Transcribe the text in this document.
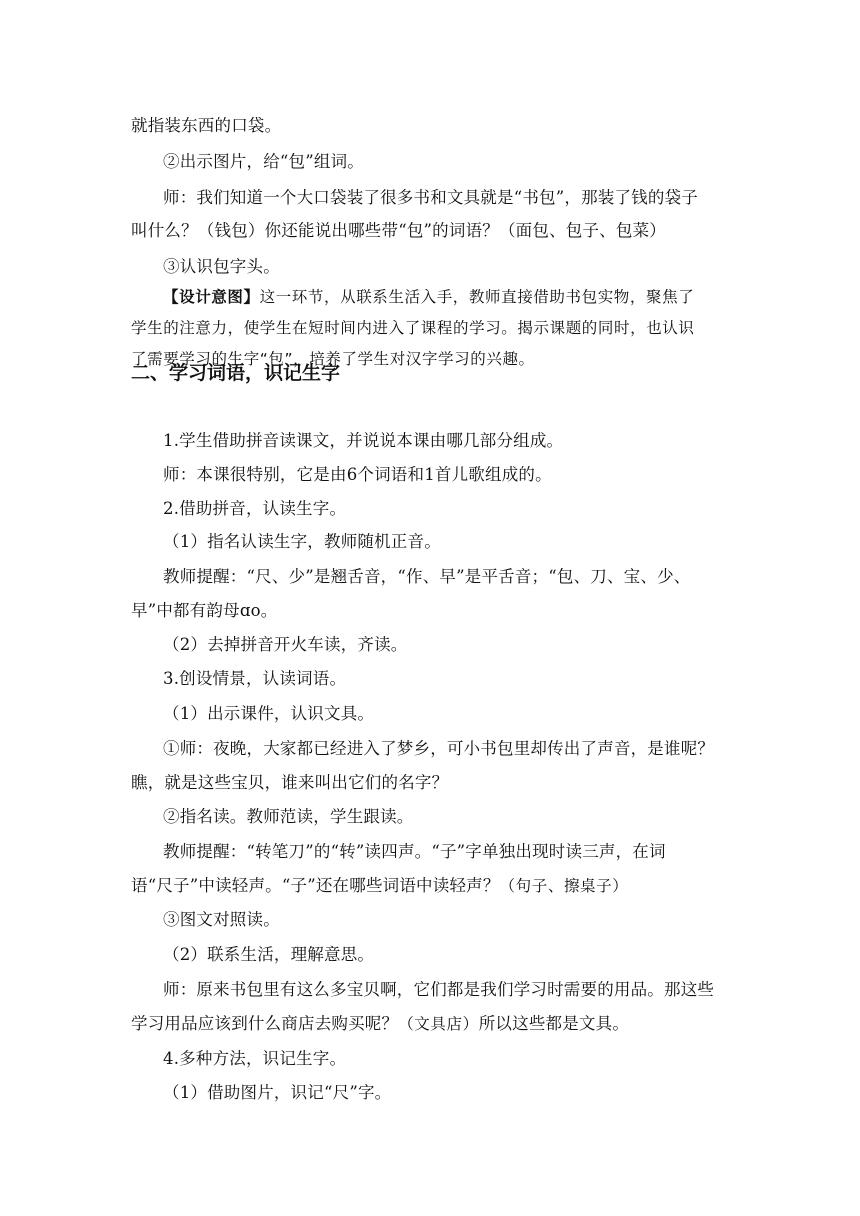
就指装东西的口袋。
②出示图片，给“包”组词。
师：我们知道一个大口袋装了很多书和文具就是“书包”，那装了钱的袋子
叫什么？（钱包）你还能说出哪些带“包”的词语？（面包、包子、包菜）
③认识包字头。
【设计意图】这一环节，从联系生活入手，教师直接借助书包实物，聚焦了
学生的注意力，使学生在短时间内进入了课程的学习。揭示课题的同时，也认识
了需要学习的生字“包”，培养了学生对汉字学习的兴趣。
二、学习词语，识记生字
1.学生借助拼音读课文，并说说本课由哪几部分组成。
师：本课很特别，它是由6个词语和1首儿歌组成的。
2.借助拼音，认读生字。
（1）指名认读生字，教师随机正音。
教师提醒：“尺、少”是翘舌音，“作、早”是平舌音；“包、刀、宝、少、
早”中都有韵母ɑo。
（2）去掉拼音开火车读，齐读。
3.创设情景，认读词语。
（1）出示课件，认识文具。
①师：夜晚，大家都已经进入了梦乡，可小书包里却传出了声音，是谁呢？
瞧，就是这些宝贝，谁来叫出它们的名字？
②指名读。教师范读，学生跟读。
教师提醒：“转笔刀”的“转”读四声。“子”字单独出现时读三声，在词
语“尺子”中读轻声。“子”还在哪些词语中读轻声？（句子、擦桌子）
③图文对照读。
（2）联系生活，理解意思。
师：原来书包里有这么多宝贝啊，它们都是我们学习时需要的用品。那这些
学习用品应该到什么商店去购买呢？（文具店）所以这些都是文具。
4.多种方法，识记生字。
（1）借助图片，识记“尺”字。
